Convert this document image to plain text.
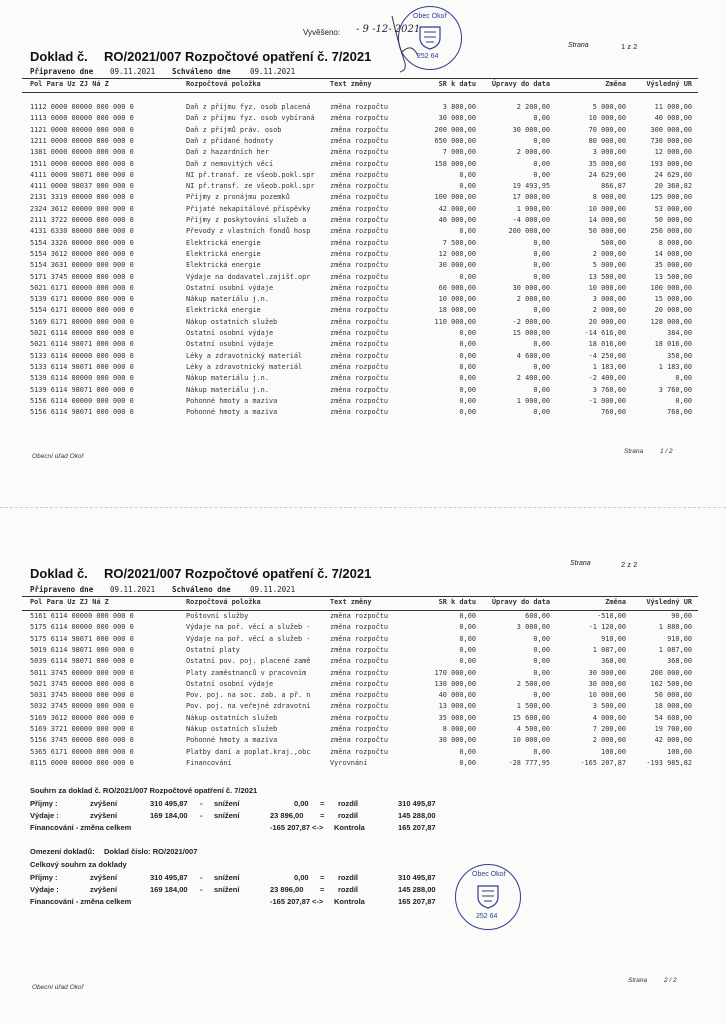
Vyvěšeno: - 9 -12- 2021
Obec Okoř
252 64
Strana	1 z 2
Doklad č. RO/2021/007 Rozpočtové opatření č. 7/2021
Připraveno dne 09.11.2021 Schváleno dne	09.11.2021
Pol Para Uz ZJ Ná Z	Rozpočtová položka	Text změny	SR k datu Úpravy do data	Změna	Výsledný UR
1112 0000 00000 000 000 0	Daň z příjmu fyz. osob placená	změna rozpočtu	3 800,00	2 200,00	5 000,00	11 000,00
1113 0000 00000 000 000 0	Daň z příjmu fyz. osob vybíraná	změna rozpočtu	30 000,00	0,00	10 000,00	40 000,00
1121 0000 00000 000 000 0	Daň z příjmů práv. osob	změna rozpočtu	200 000,00	30 000,00	70 000,00	300 000,00
1211 0000 00000 000 000 0	Daň z přidané hodnoty	změna rozpočtu	650 000,00	0,00	80 000,00	730 000,00
1381 0000 00000 000 000 0	Daň z hazardních her	změna rozpočtu	7 000,00	2 000,00	3 000,00	12 000,00
1511 0000 00000 000 000 0	Daň z nemovitých věcí	změna rozpočtu	158 000,00	0,00	35 000,00	193 000,00
4111 0000 98071 000 000 0	NI př.transf. ze všeob.pokl.spr	změna rozpočtu	0,00	0,00	24 629,00	24 629,00
4111 0000 98037 000 000 0	NI př.transf. ze všeob.pokl.spr	změna rozpočtu	0,00	19 493,95	866,87	20 360,82
2131 3319 00000 000 000 0	Příjmy z pronájmu pozemků	změna rozpočtu	100 000,00	17 000,00	8 000,00	125 000,00
2324 3612 00000 000 000 0	Přijaté nekapitálové příspěvky	změna rozpočtu	42 000,00	1 000,00	10 000,00	53 000,00
2111 3722 00000 000 000 0	Příjmy z poskytování služeb a	změna rozpočtu	40 000,00	-4 000,00	14 000,00	50 000,00
4131 6330 00000 000 000 0	Převody z vlastních fondů hosp	změna rozpočtu	0,00	200 000,00	50 000,00	250 000,00
5154 3326 00000 000 000 0	Elektrická energie	změna rozpočtu	7 500,00	0,00	500,00	8 000,00
5154 3612 00000 000 000 0	Elektrická energie	změna rozpočtu	12 000,00	0,00	2 000,00	14 000,00
5154 3631 00000 000 000 0	Elektrická energie	změna rozpočtu	30 000,00	0,00	5 000,00	35 000,00
5171 3745 00000 000 000 0	Výdaje na dodavatel.zajišť.opr	změna rozpočtu	0,00	0,00	13 500,00	13 500,00
5021 6171 00000 000 000 0	Ostatní osobní výdaje	změna rozpočtu	60 000,00	30 000,00	10 000,00	100 000,00
5139 6171 00000 000 000 0	Nákup materiálu j.n.	změna rozpočtu	10 000,00	2 000,00	3 000,00	15 000,00
5154 6171 00000 000 000 0	Elektrická energie	změna rozpočtu	18 000,00	0,00	2 000,00	20 000,00
5169 6171 00000 000 000 0	Nákup ostatních služeb	změna rozpočtu	110 000,00	-2 000,00	20 000,00	128 000,00
5021 6114 00000 000 000 0	Ostatní osobní výdaje	změna rozpočtu	0,00	15 000,00	-14 616,00	384,00
5021 6114 98071 000 000 0	Ostatní osobní výdaje	změna rozpočtu	0,00	0,00	18 016,00	18 016,00
5133 6114 00000 000 000 0	Léky a zdravotnický materiál	změna rozpočtu	0,00	4 600,00	-4 250,00	350,00
5133 6114 98071 000 000 0	Léky a zdravotnický materiál	změna rozpočtu	0,00	0,00	1 183,00	1 183,00
5139 6114 00000 000 000 0	Nákup materiálu j.n.	změna rozpočtu	0,00	2 400,00	-2 400,00	0,00
5139 6114 98071 000 000 0	Nákup materiálu j.n.	změna rozpočtu	0,00	0,00	3 760,00	3 760,00
5156 6114 00000 000 000 0	Pohonné hmoty a maziva	změna rozpočtu	0,00	1 000,00	-1 000,00	0,00
5156 6114 98071 000 000 0	Pohonné hmoty a maziva	změna rozpočtu	0,00	0,00	760,00	760,00
Obecní úřad Okoř
Strana	1 / 2
Strana	2 z 2
Doklad č. RO/2021/007 Rozpočtové opatření č. 7/2021
Připraveno dne 09.11.2021 Schváleno dne	09.11.2021
Pol Para Uz ZJ Ná Z	Rozpočtová položka	Text změny	SR k datu Úpravy do data	Změna	Výsledný UR
5161 6114 00000 000 000 0	Poštovní služby	změna rozpočtu	0,00	600,00	-510,00	90,00
5175 6114 00000 000 000 0	Výdaje na poř. věcí a služeb -	změna rozpočtu	0,00	3 000,00	-1 120,00	1 880,00
5175 6114 98071 000 000 0	Výdaje na poř. věcí a služeb -	změna rozpočtu	0,00	0,00	910,00	910,00
5019 6114 98071 000 000 0	Ostatní platy	změna rozpočtu	0,00	0,00	1 087,00	1 087,00
5039 6114 98071 000 000 0	Ostatní pov. poj. placené zamě	změna rozpočtu	0,00	0,00	368,00	368,00
5011 3745 00000 000 000 0	Platy zaměstnanců v pracovním	změna rozpočtu	170 000,00	0,00	30 000,00	200 000,00
5021 3745 00000 000 000 0	Ostatní osobní výdaje	změna rozpočtu	130 000,00	2 500,00	30 000,00	162 500,00
5031 3745 00000 000 000 0	Pov. poj. na soc. zab. a př. n	změna rozpočtu	40 000,00	0,00	10 000,00	50 000,00
5032 3745 00000 000 000 0	Pov. poj. na veřejné zdravotní	změna rozpočtu	13 000,00	1 500,00	3 500,00	18 000,00
5169 3612 00000 000 000 0	Nákup ostatních služeb	změna rozpočtu	35 000,00	15 600,00	4 000,00	54 600,00
5169 3721 00000 000 000 0	Nákup ostatních služeb	změna rozpočtu	8 000,00	4 500,00	7 200,00	19 700,00
5156 3745 00000 000 000 0	Pohonné hmoty a maziva	změna rozpočtu	30 000,00	10 000,00	2 000,00	42 000,00
5365 6171 00000 000 000 0	Platby daní a poplat.kraj.,obc	změna rozpočtu	0,00	0,00	100,00	100,00
8115 0000 00000 000 000 0	Financování	Vyrovnání	0,00	-28 777,95	-165 207,87	-193 985,82
Souhrn za doklad č. RO/2021/007 Rozpočtové opatření č. 7/2021
Příjmy :	zvýšení	310 495,87 - snížení	0,00 = rozdíl	310 495,87
Výdaje :	zvýšení	169 184,00 - snížení	23 896,00 = rozdíl	145 288,00
Financování - změna celkem	-165 207,87 <-> Kontrola	165 207,87
Omezení dokladů: Doklad číslo: RO/2021/007
Celkový souhrn za doklady
Příjmy :	zvýšení	310 495,87 - snížení	0,00 = rozdíl	310 495,87
Výdaje :	zvýšení	169 184,00 - snížení	23 896,00 = rozdíl	145 288,00
Financování - změna celkem	-165 207,87 <-> Kontrola	165 207,87
Obec Okoř
252 64
Obecní úřad Okoř
Strana	2 / 2
